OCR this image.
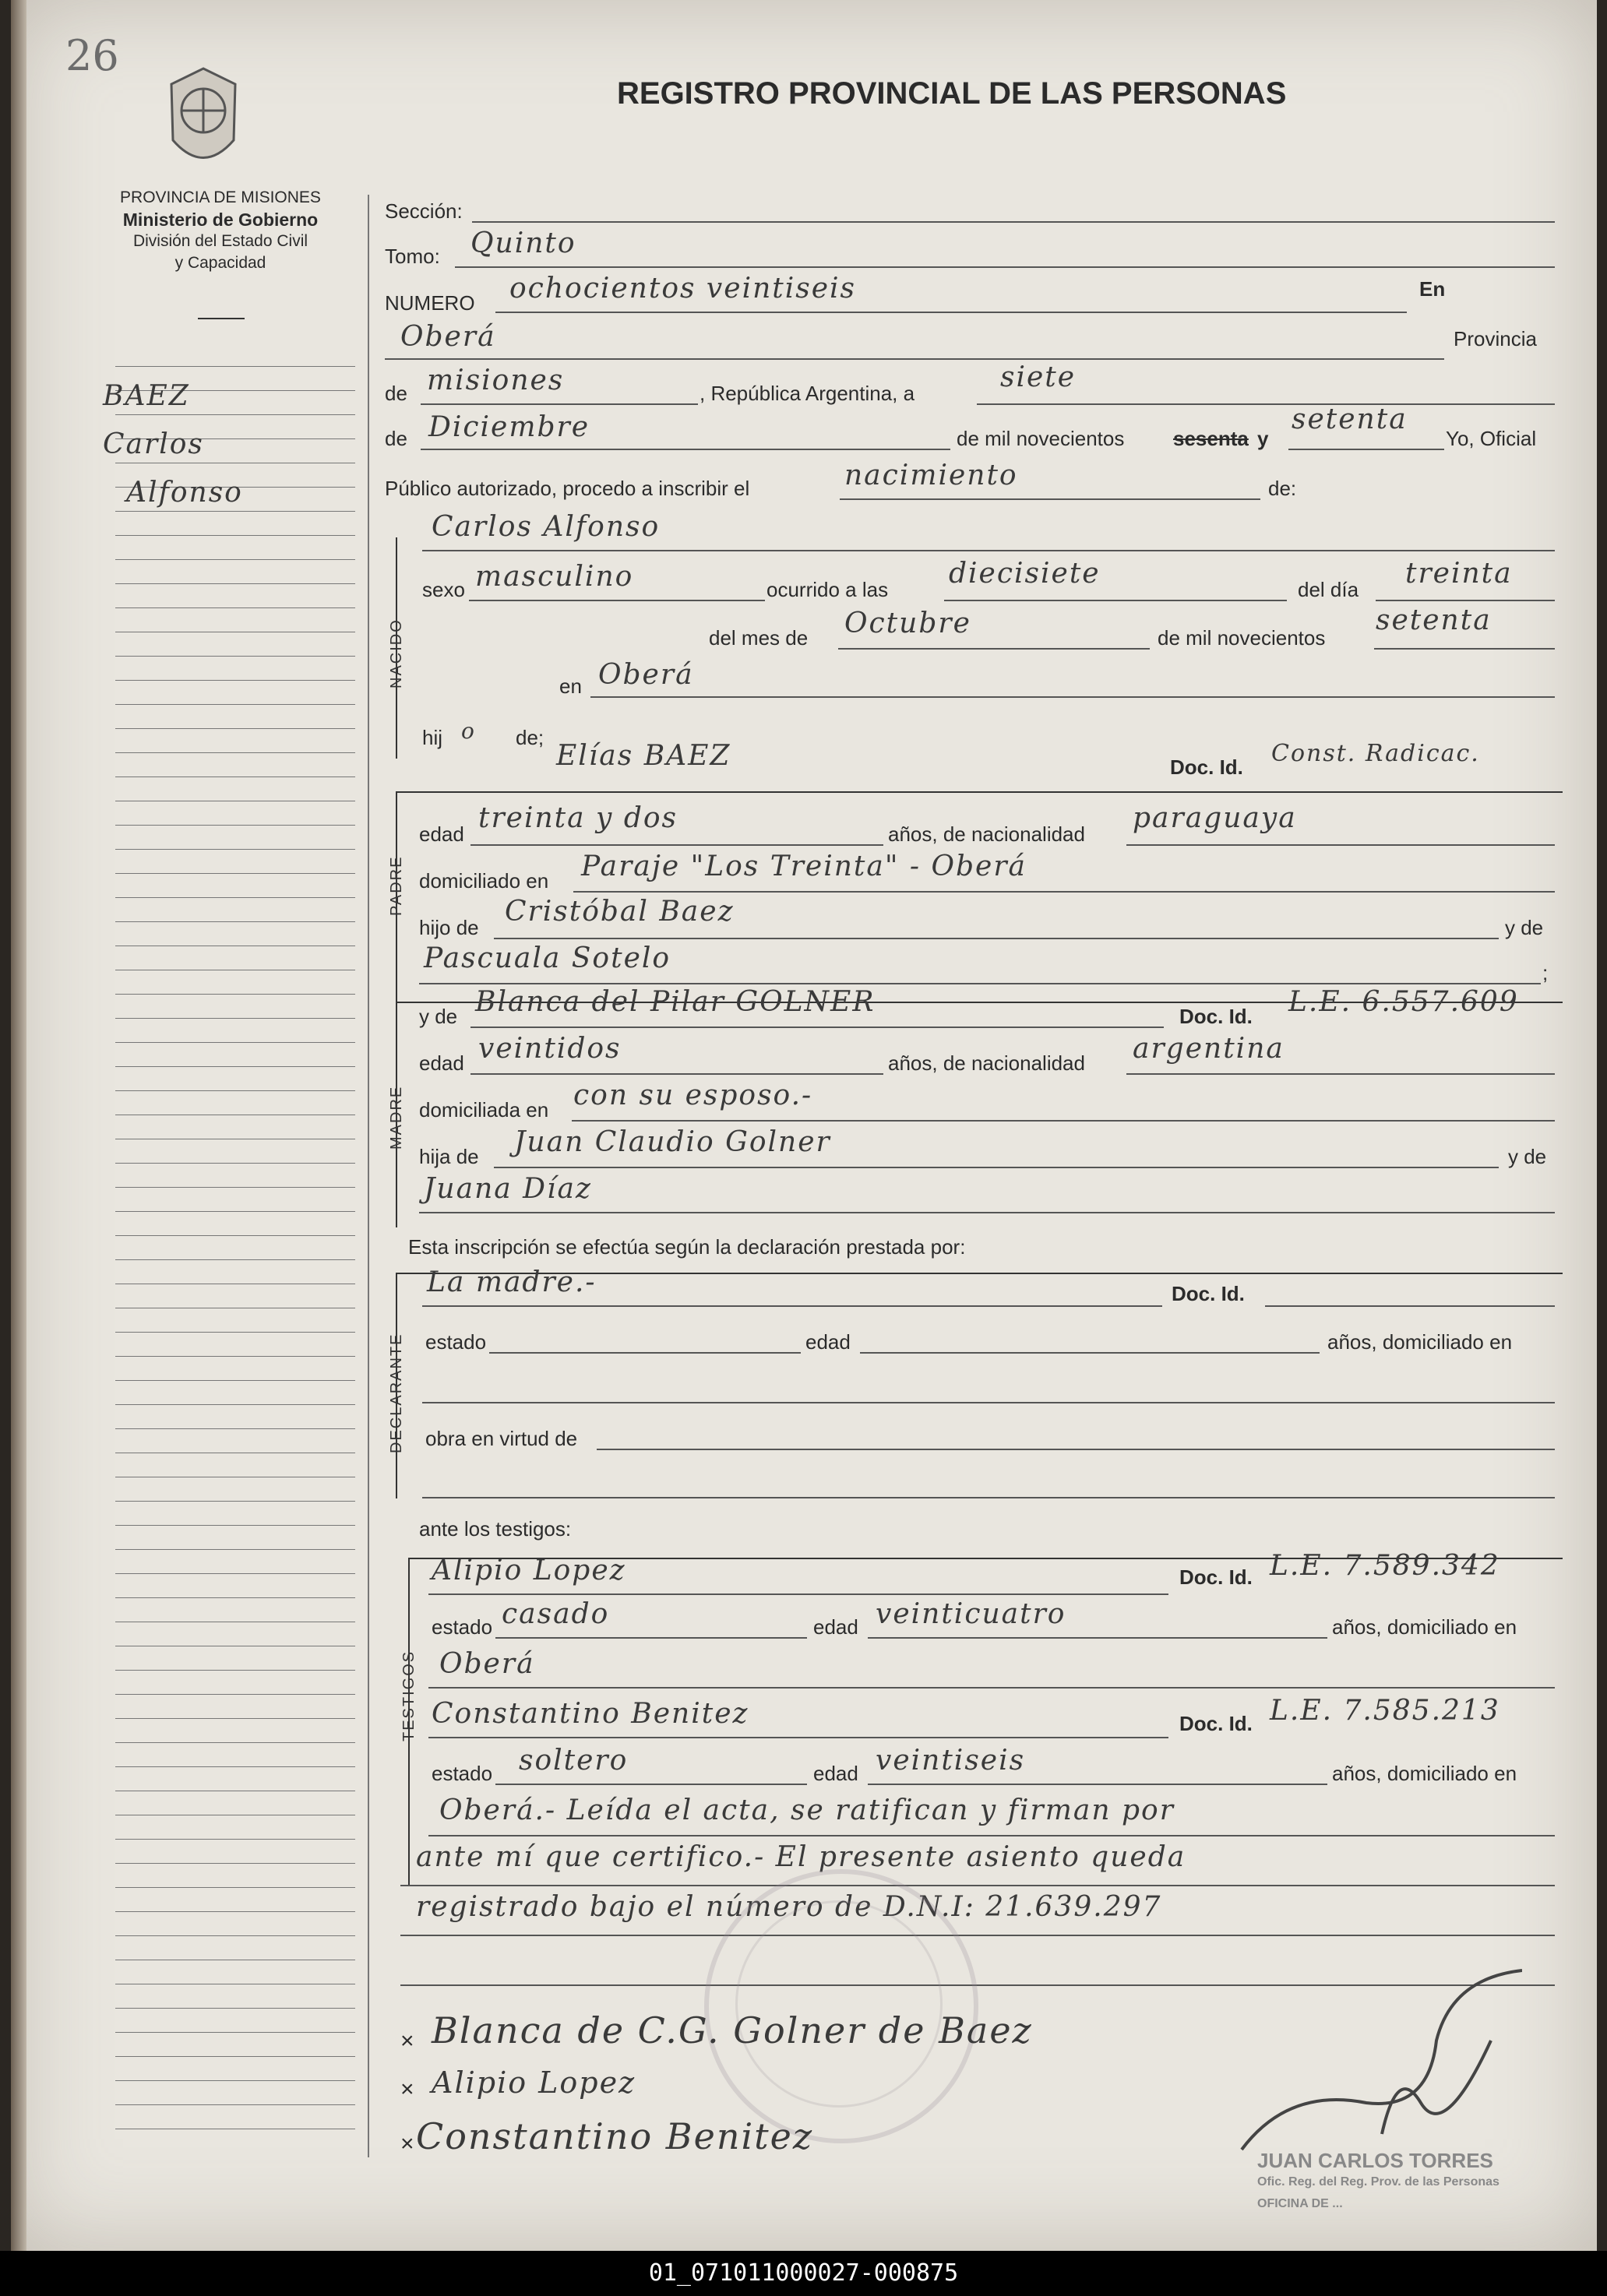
26
PROVINCIA DE MISIONES
Ministerio de Gobierno
División del Estado Civil
y Capacidad
REGISTRO PROVINCIAL DE LAS PERSONAS
BAEZ
Carlos
Alfonso
Sección:
Tomo: Quinto
NUMERO ochocientos veintiseis	En
Oberá	Provincia
de misiones	, República Argentina, a	siete
de Diciembre	de mil novecientos sesenta y
setenta
Yo, Oficial
Público autorizado, procedo a inscribir el	nacimiento	de:
Carlos Alfonso
NACIDO
sexo masculino	ocurrido a las diecisiete	del día treinta
del mes de Octubre	de mil novecientos
setenta
en Oberá
hij o de;
Elías BAEZ	Doc. Id. Const. Radicac.
PADRE
edad treinta y dos	años, de nacionalidad paraguaya
domiciliado en Paraje "Los Treinta" - Oberá
hijo de Cristóbal Baez	y de
Pascuala Sotelo	;
MADRE
y de Blanca del Pilar GOLNER	Doc. Id. L.E. 6.557.609
edad veintidos	años, de nacionalidad argentina
domiciliada en con su esposo.-
hija de Juan Claudio Golner	y de
Juana Díaz
Esta inscripción se efectúa según la declaración prestada por:
DECLARANTE
La madre.-	Doc. Id.
estado	edad	años, domiciliado en
obra en virtud de
ante los testigos:
TESTIGOS
Alipio Lopez	Doc. Id. L.E. 7.589.342
estado casado	edad veinticuatro	años, domiciliado en
Oberá
Constantino Benitez	Doc. Id. L.E. 7.585.213
estado soltero	edad veintiseis	años, domiciliado en
Oberá.- Leída el acta, se ratifican y firman por
ante mí que certifico.- El presente asiento queda
registrado bajo el número de D.N.I: 21.639.297
× Blanca de C.G. Golner de Baez
× Alipio Lopez
× Constantino Benitez
JUAN CARLOS TORRES
Ofic. Reg. del Reg. Prov. de las Personas
OFICINA DE ...
01_071011000027-000875
